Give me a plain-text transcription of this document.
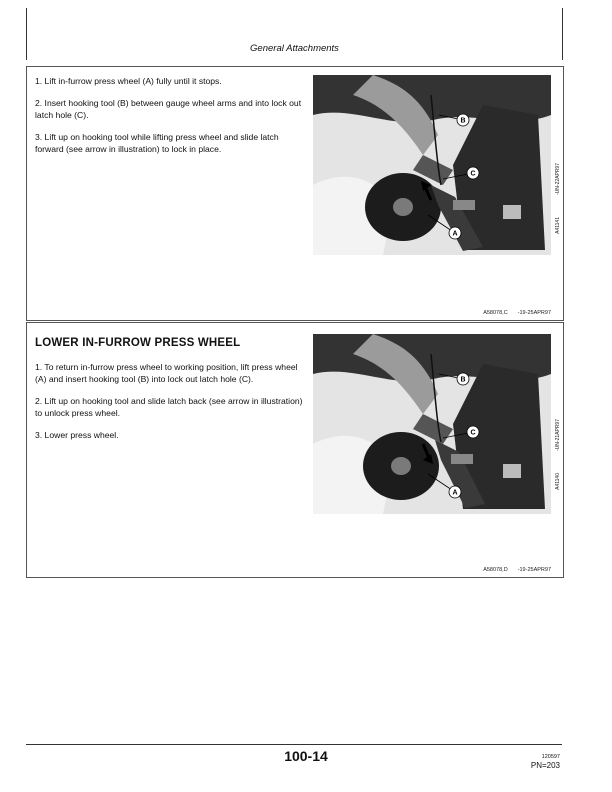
General Attachments

1. Lift in-furrow press wheel (A) fully until it stops.

2. Insert hooking tool (B) between gauge wheel arms and into lock out latch hole (C).

3. Lift up on hooking tool while lifting press wheel and slide latch forward (see arrow in illustration) to lock in place.

B
C
A
-UN-22APR97
A41141
A58078,C -19-25APR97
LOWER IN-FURROW PRESS WHEEL

1. To return in-furrow press wheel to working position, lift press wheel (A) and insert hooking tool (B) into lock out latch hole (C).

2. Lift up on hooking tool and slide latch back (see arrow in illustration) to unlock press wheel.

3. Lower press wheel.

B
C
A
-UN-21APR97
A41140
A58078,D -19-25APR97
100-14	120597
PN=203
